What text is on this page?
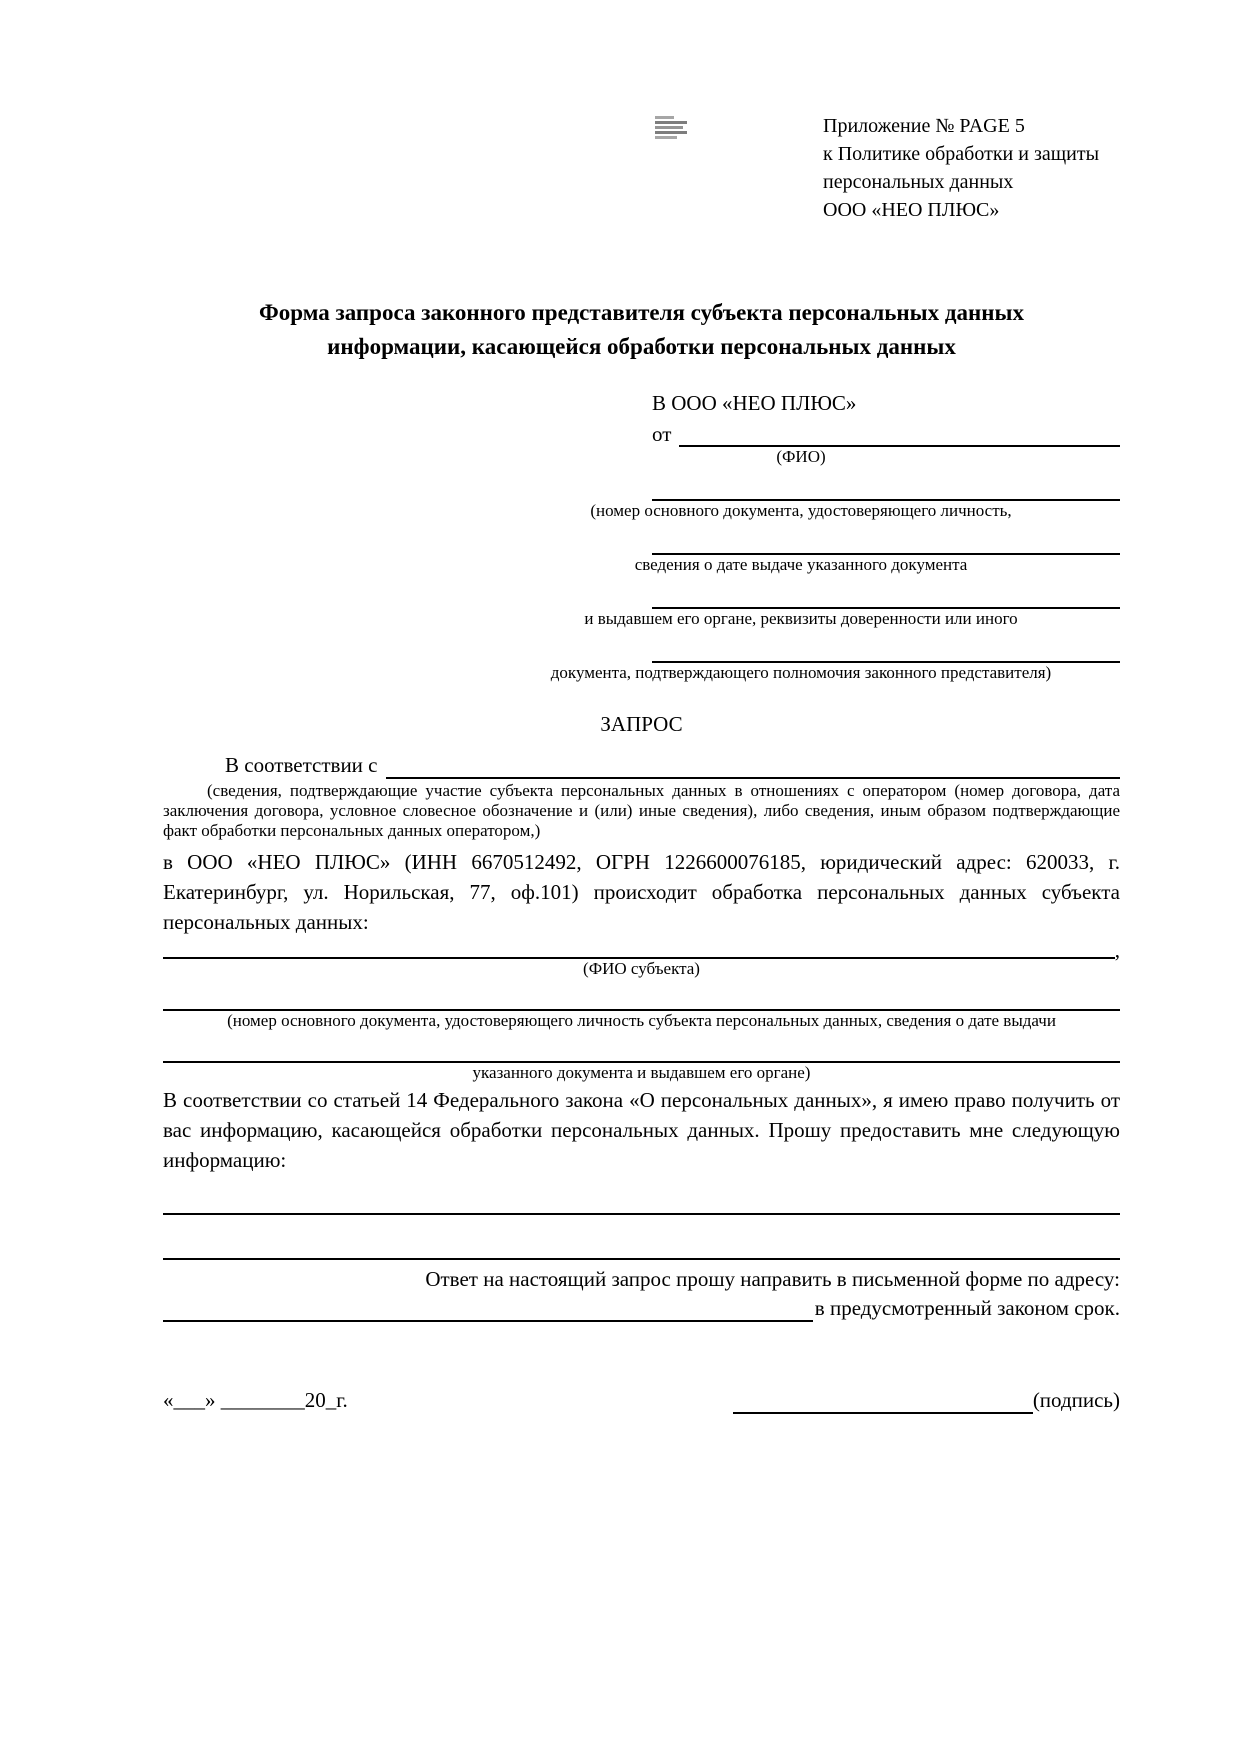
Приложение № PAGE 5
к Политике обработки и защиты
персональных данных
ООО «НЕО ПЛЮС»
Форма запроса законного представителя субъекта персональных данных
информации, касающейся обработки персональных данных
В ООО «НЕО ПЛЮС»
от
(ФИО)
(номер основного документа, удостоверяющего личность,
сведения о дате выдаче указанного документа
и выдавшем его органе, реквизиты доверенности или иного
документа, подтверждающего полномочия законного представителя)
ЗАПРОС
В соответствии с
(сведения, подтверждающие участие субъекта персональных данных в отношениях с оператором (номер договора, дата заключения договора, условное словесное обозначение и (или) иные сведения), либо сведения, иным образом подтверждающие факт обработки персональных данных оператором,)
в ООО «НЕО ПЛЮС» (ИНН 6670512492, ОГРН 1226600076185, юридический адрес: 620033, г. Екатеринбург, ул. Норильская, 77, оф.101) происходит обработка персональных данных субъекта персональных данных:
,
(ФИО субъекта)
(номер основного документа, удостоверяющего личность субъекта персональных данных, сведения о дате выдачи
указанного документа и выдавшем его органе)
В соответствии со статьей 14 Федерального закона «О персональных данных», я имею право получить от вас информацию, касающейся обработки персональных данных. Прошу предоставить мне следующую информацию:
Ответ на настоящий запрос прошу направить в письменной форме по адресу:
в предусмотренный законом срок.
«___» ________20_г.	(подпись)
